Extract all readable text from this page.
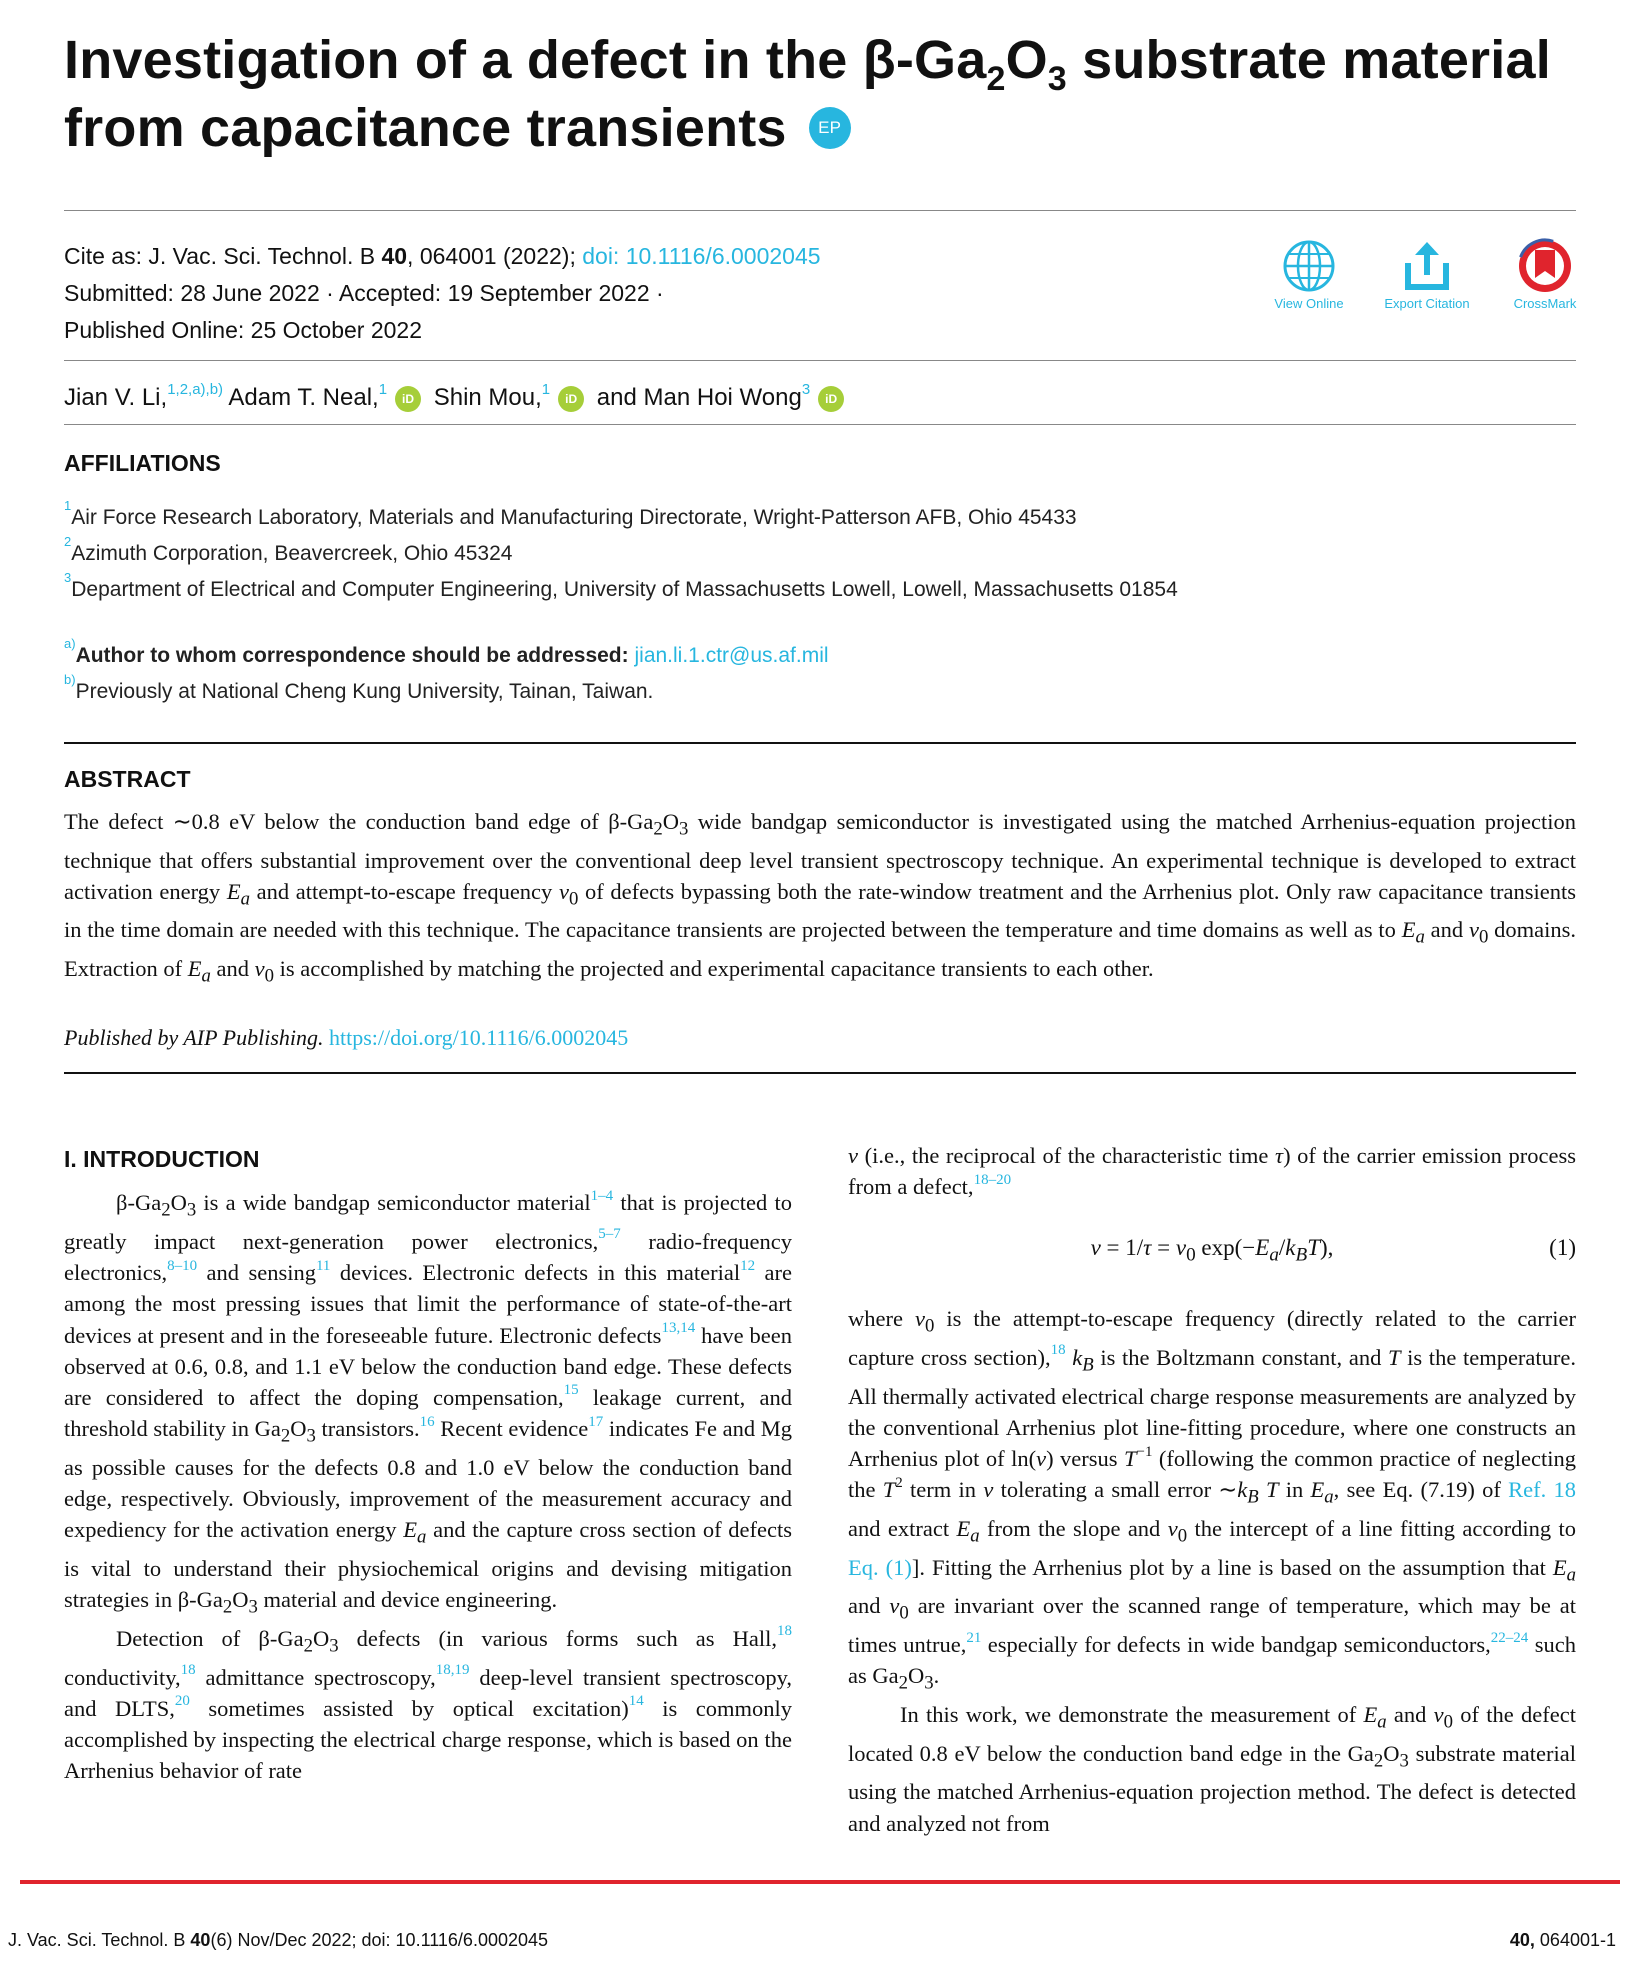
Investigation of a defect in the $\beta-Ga_2O_3$ substrate material from capacitance transients EP
Cite as: J. Vac. Sci. Technol. B 40, 064001 (2022); doi: 10.1116/6.0002045
Submitted: 28 June 2022 · Accepted: 19 September 2022 ·
Published Online: 25 October 2022
View Online	Export Citation	CrossMark
Jian V. Li,$^{1,2,a),b)}$ Adam T. Neal,$^1$iD Shin Mou,$^1$iD and Man Hoi Wong$^3$iD
AFFILIATIONS
$^1$Air Force Research Laboratory, Materials and Manufacturing Directorate, Wright-Patterson AFB, Ohio 45433
$^2$Azimuth Corporation, Beavercreek, Ohio 45324
$^3$Department of Electrical and Computer Engineering, University of Massachusetts Lowell, Lowell, Massachusetts 01854
$^{a)}$Author to whom correspondence should be addressed: jian.li.1.ctr@us.af.mil
$^{b)}$Previously at National Cheng Kung University, Tainan, Taiwan.
ABSTRACT
The defect ∼0.8 eV below the conduction band edge of $\beta-Ga_2O_3$ wide bandgap semiconductor is investigated using the matched Arrhenius-equation projection technique that offers substantial improvement over the conventional deep level transient spectroscopy technique. An experimental technique is developed to extract activation energy $E_a$ and attempt-to-escape frequency $\nu_0$ of defects bypassing both the rate-window treatment and the Arrhenius plot. Only raw capacitance transients in the time domain are needed with this technique. The capacitance transients are projected between the temperature and time domains as well as to $E_a$ and $\nu_0$ domains. Extraction of $E_a$ and $\nu_0$ is accomplished by matching the projected and experimental capacitance transients to each other.
Published by AIP Publishing. https://doi.org/10.1116/6.0002045
I. INTRODUCTION

$\beta-Ga_2O_3$ is a wide bandgap semiconductor material$^{1-4}$ that is projected to greatly impact next-generation power electronics,$^{5-7}$ radio-frequency electronics,$^{8-10}$ and sensing$^{11}$ devices. Electronic defects in this material$^{12}$ are among the most pressing issues that limit the performance of state-of-the-art devices at present and in the foreseeable future. Electronic defects$^{13,14}$ have been observed at 0.6, 0.8, and 1.1 eV below the conduction band edge. These defects are considered to affect the doping compensation,$^{15}$ leakage current, and threshold stability in $Ga_2O_3$ transistors.$^{16}$ Recent evidence$^{17}$ indicates Fe and Mg as possible causes for the defects 0.8 and 1.0 eV below the conduction band edge, respectively. Obviously, improvement of the measurement accuracy and expediency for the activation energy $E_a$ and the capture cross section of defects is vital to understand their physiochemical origins and devising mitigation strategies in $\beta-Ga_2O_3$ material and device engineering.

Detection of $\beta-Ga_2O_3$ defects (in various forms such as Hall,$^{18}$ conductivity,$^{18}$ admittance spectroscopy,$^{18,19}$ deep-level transient spectroscopy, and DLTS,$^{20}$ sometimes assisted by optical excitation)$^{14}$ is commonly accomplished by inspecting the electrical charge response, which is based on the Arrhenius behavior of rate

ν (i.e., the reciprocal of the characteristic time τ) of the carrier emission process from a defect,$^{18-20}$

$\nu = 1/\tau = \nu_0$ $\exp(-E_a/k_BT)$,	(1)

where $\nu_0$ is the attempt-to-escape frequency (directly related to the carrier capture cross section),$^{18}$ $k_B$ is the Boltzmann constant, and T is the temperature. All thermally activated electrical charge response measurements are analyzed by the conventional Arrhenius plot line-fitting procedure, where one constructs an Arrhenius plot of ln(ν) versus $T^{-1}$ (following the common practice of neglecting the $T^2$ term in ν tolerating a small error $\sim k_B$ T in $E_a$, see Eq. (7.19) of Ref. 18 and extract $E_a$ from the slope and $\nu_0$ the intercept of a line fitting according to Eq. (1)]. Fitting the Arrhenius plot by a line is based on the assumption that $E_a$ and $\nu_0$ are invariant over the scanned range of temperature, which may be at times untrue,$^{21}$ especially for defects in wide bandgap semiconductors,$^{22-24}$ such as $Ga_2O_3$.

In this work, we demonstrate the measurement of $E_a$ and $\nu_0$ of the defect located 0.8 eV below the conduction band edge in the $Ga_2O_3$ substrate material using the matched Arrhenius-equation projection method. The defect is detected and analyzed not from

J. Vac. Sci. Technol. B 40(6) Nov/Dec 2022; doi: 10.1116/6.0002045	40, 064001-1
